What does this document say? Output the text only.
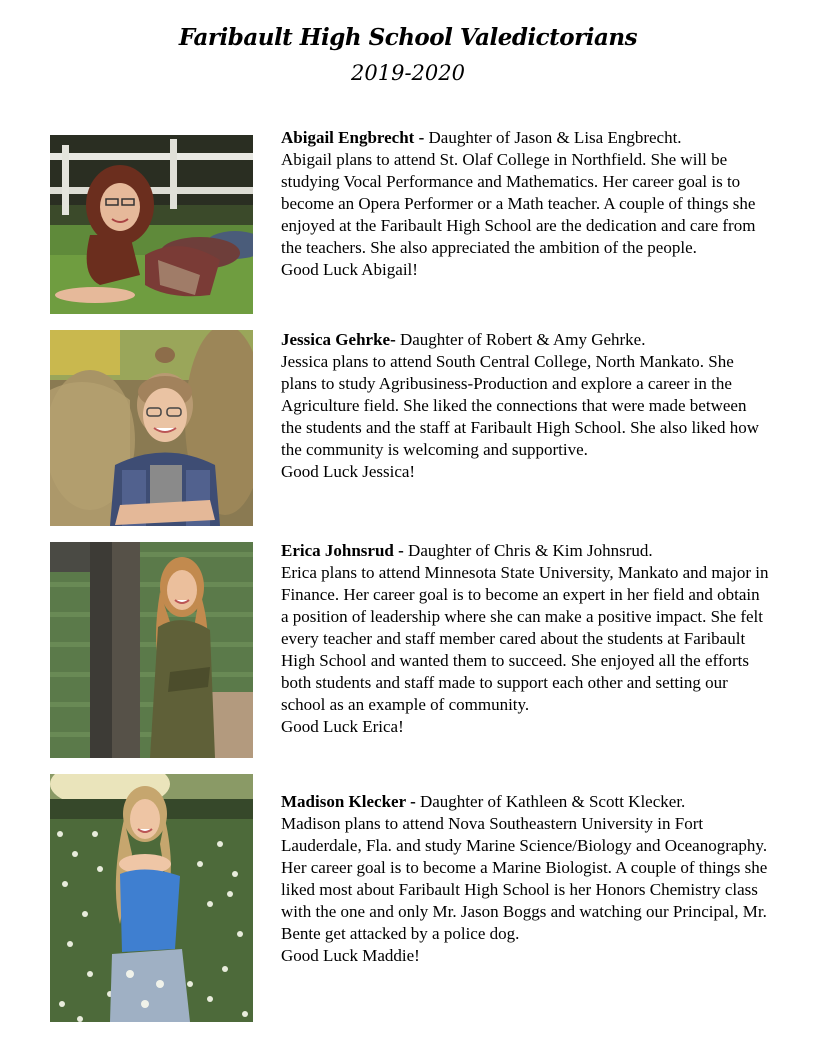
Faribault High School Valedictorians
2019-2020

Abigail Engbrecht - Daughter of Jason & Lisa Engbrecht.

Abigail plans to attend St. Olaf College in Northfield. She will be studying Vocal Performance and Mathematics. Her career goal is to become an Opera Performer or a Math teacher. A couple of things she enjoyed at the Faribault High School are the dedication and care from the teachers. She also appreciated the ambition of the people.

Good Luck Abigail!

Jessica Gehrke- Daughter of Robert & Amy Gehrke.

Jessica plans to attend South Central College, North Mankato. She plans to study Agribusiness-Production and explore a career in the Agriculture field. She liked the connections that were made between the students and the staff at Faribault High School. She also liked how the community is welcoming and supportive.

Good Luck Jessica!

Erica Johnsrud - Daughter of Chris & Kim Johnsrud.

Erica plans to attend Minnesota State University, Mankato and major in Finance. Her career goal is to become an expert in her field and obtain a position of leadership where she can make a positive impact. She felt every teacher and staff member cared about the students at Faribault High School and wanted them to succeed. She enjoyed all the efforts both students and staff made to support each other and setting our school as an example of community.

Good Luck Erica!

Madison Klecker - Daughter of Kathleen & Scott Klecker.

Madison plans to attend Nova Southeastern University in Fort Lauderdale, Fla. and study Marine Science/Biology and Oceanography. Her career goal is to become a Marine Biologist. A couple of things she liked most about Faribault High School is her Honors Chemistry class with the one and only Mr. Jason Boggs and watching our Principal, Mr. Bente get attacked by a police dog.

Good Luck Maddie!
